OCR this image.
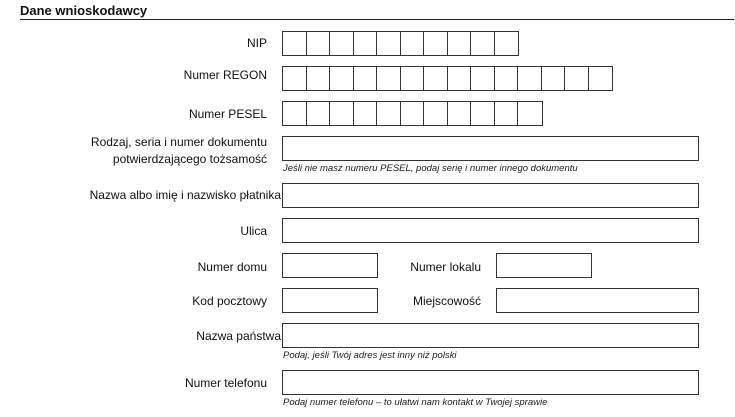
Dane wnioskodawcy
NIP
Numer REGON
Numer PESEL
Rodzaj, seria i numer dokumentu
potwierdzającego tożsamość
Jeśli nie masz numeru PESEL, podaj serię i numer innego dokumentu
Nazwa albo imię i nazwisko płatnika
Ulica
Numer domu	Numer lokalu
Kod pocztowy	Miejscowość
Nazwa państwa
Podaj, jeśli Twój adres jest inny niż polski
Numer telefonu
Podaj numer telefonu – to ułatwi nam kontakt w Twojej sprawie
